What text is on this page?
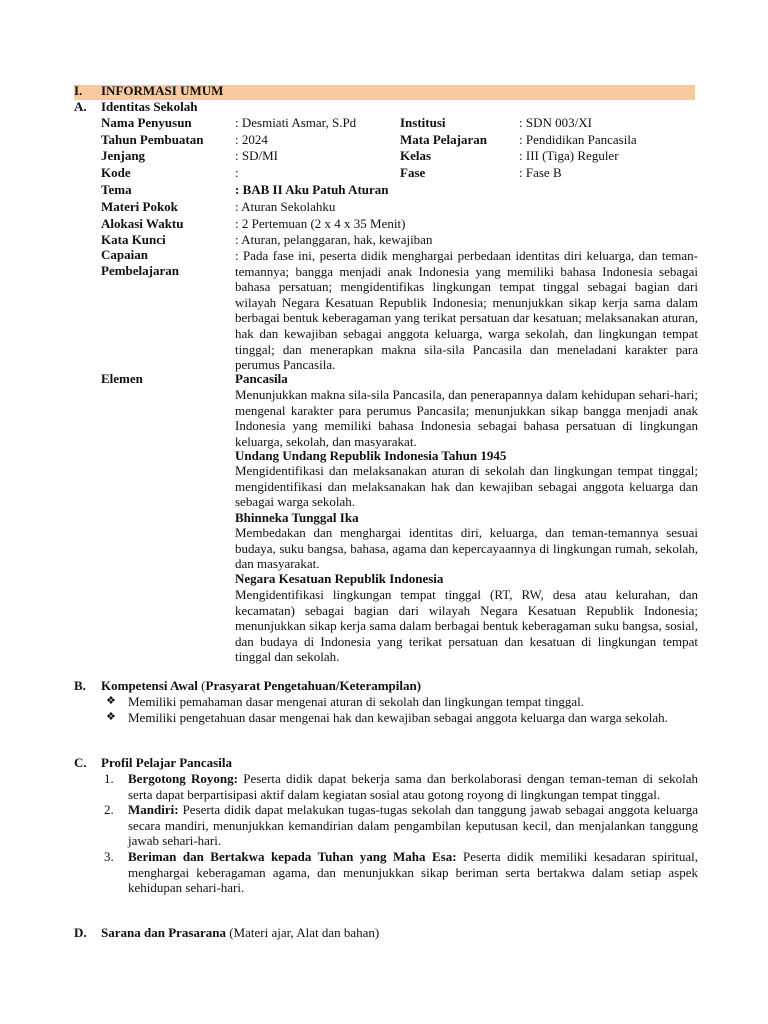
I. INFORMASI UMUM
A. Identitas Sekolah
Nama Penyusun	: Desmiati Asmar, S.Pd	Institusi	: SDN 003/XI
Tahun Pembuatan : 2024	Mata Pelajaran : Pendidikan Pancasila
Jenjang	: SD/MI	Kelas	: III (Tiga) Reguler
Kode	:	Fase	: Fase B
Tema	: BAB II Aku Patuh Aturan
Materi Pokok	: Aturan Sekolahku
Alokasi Waktu	: 2 Pertemuan (2 x 4 x 35 Menit)
Kata Kunci	: Aturan, pelanggaran, hak, kewajiban
Capaian
Pembelajaran
: Pada fase ini, peserta didik menghargai perbedaan identitas diri keluarga, dan teman-temannya; bangga menjadi anak Indonesia yang memiliki bahasa Indonesia sebagai bahasa persatuan; mengidentifikas lingkungan tempat tinggal sebagai bagian dari wilayah Negara Kesatuan Republik Indonesia; menunjukkan sikap kerja sama dalam berbagai bentuk keberagaman yang terikat persatuan dar kesatuan; melaksanakan aturan, hak dan kewajiban sebagai anggota keluarga, warga sekolah, dan lingkungan tempat tinggal; dan menerapkan makna sila-sila Pancasila dan meneladani karakter para perumus Pancasila.
Elemen	Pancasila
Menunjukkan makna sila-sila Pancasila, dan penerapannya dalam kehidupan sehari-hari; mengenal karakter para perumus Pancasila; menunjukkan sikap bangga menjadi anak Indonesia yang memiliki bahasa Indonesia sebagai bahasa persatuan di lingkungan keluarga, sekolah, dan masyarakat.
Undang Undang Republik Indonesia Tahun 1945
Mengidentifikasi dan melaksanakan aturan di sekolah dan lingkungan tempat tinggal; mengidentifikasi dan melaksanakan hak dan kewajiban sebagai anggota keluarga dan sebagai warga sekolah.
Bhinneka Tunggal Ika
Membedakan dan menghargai identitas diri, keluarga, dan teman-temannya sesuai budaya, suku bangsa, bahasa, agama dan kepercayaannya di lingkungan rumah, sekolah, dan masyarakat.
Negara Kesatuan Republik Indonesia
Mengidentifikasi lingkungan tempat tinggal (RT, RW, desa atau kelurahan, dan kecamatan) sebagai bagian dari wilayah Negara Kesatuan Republik Indonesia; menunjukkan sikap kerja sama dalam berbagai bentuk keberagaman suku bangsa, sosial, dan budaya di Indonesia yang terikat persatuan dan kesatuan di lingkungan tempat tinggal dan sekolah.
B. Kompetensi Awal (Prasyarat Pengetahuan/Keterampilan)
❖ Memiliki pemahaman dasar mengenai aturan di sekolah dan lingkungan tempat tinggal.
❖ Memiliki pengetahuan dasar mengenai hak dan kewajiban sebagai anggota keluarga dan warga sekolah.
C. Profil Pelajar Pancasila
1. Bergotong Royong: Peserta didik dapat bekerja sama dan berkolaborasi dengan teman-teman di sekolah serta dapat berpartisipasi aktif dalam kegiatan sosial atau gotong royong di lingkungan tempat tinggal.
2. Mandiri: Peserta didik dapat melakukan tugas-tugas sekolah dan tanggung jawab sebagai anggota keluarga secara mandiri, menunjukkan kemandirian dalam pengambilan keputusan kecil, dan menjalankan tanggung jawab sehari-hari.
3. Beriman dan Bertakwa kepada Tuhan yang Maha Esa: Peserta didik memiliki kesadaran spiritual, menghargai keberagaman agama, dan menunjukkan sikap beriman serta bertakwa dalam setiap aspek kehidupan sehari-hari.
D. Sarana dan Prasarana (Materi ajar, Alat dan bahan)
